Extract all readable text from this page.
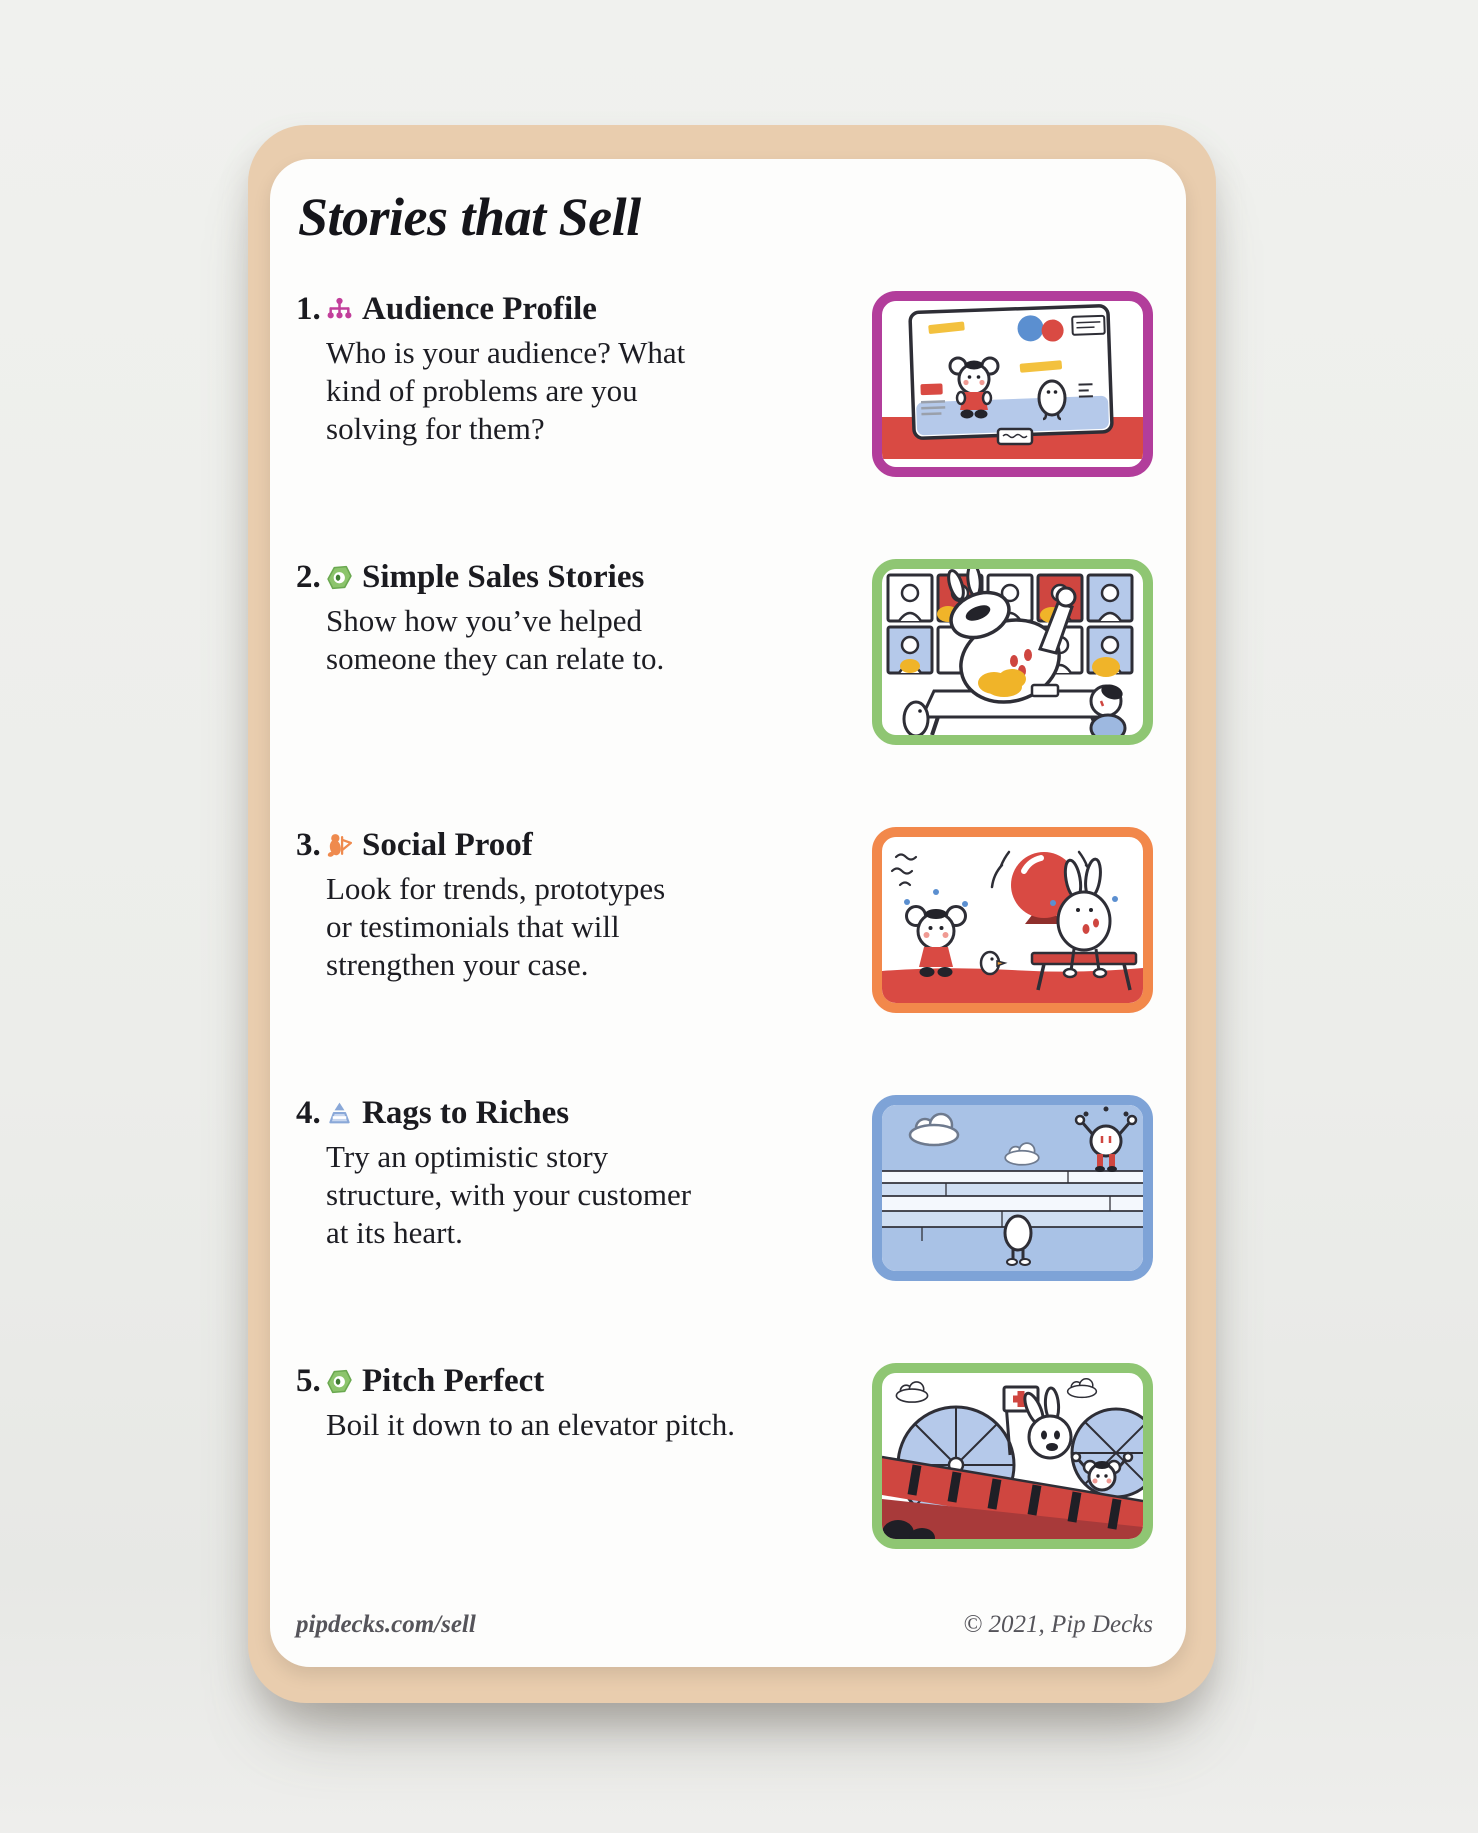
Stories that Sell
1. Audience Profile
Who is your audience? What
kind of problems are you
solving for them?
2. Simple Sales Stories
Show how you’ve helped
someone they can relate to.
3. Social Proof
Look for trends, prototypes
or testimonials that will
strengthen your case.
4. Rags to Riches
Try an optimistic story
structure, with your customer
at its heart.
5. Pitch Perfect
Boil it down to an elevator pitch.
pipdecks.com/sell	© 2021, Pip Decks
